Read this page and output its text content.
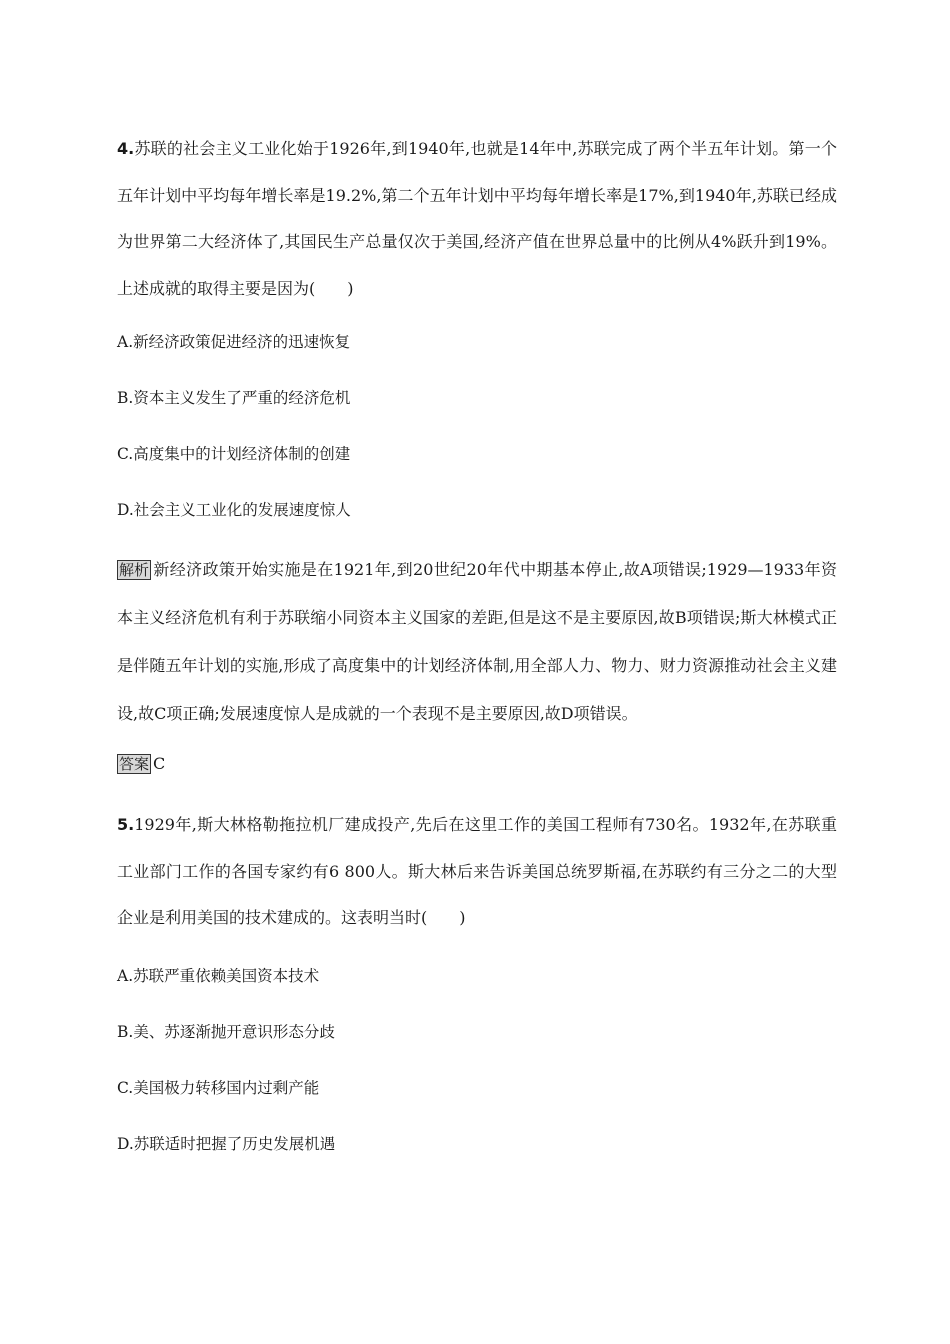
4.苏联的社会主义工业化始于1926年,到1940年,也就是14年中,苏联完成了两个半五年计划。第一个五年计划中平均每年增长率是19.2%,第二个五年计划中平均每年增长率是17%,到1940年,苏联已经成为世界第二大经济体了,其国民生产总量仅次于美国,经济产值在世界总量中的比例从4%跃升到19%。上述成就的取得主要是因为(　　)

A.新经济政策促进经济的迅速恢复
B.资本主义发生了严重的经济危机
C.高度集中的计划经济体制的创建
D.社会主义工业化的发展速度惊人

解析 新经济政策开始实施是在1921年,到20世纪20年代中期基本停止,故A项错误;1929—1933年资本主义经济危机有利于苏联缩小同资本主义国家的差距,但是这不是主要原因,故B项错误;斯大林模式正是伴随五年计划的实施,形成了高度集中的计划经济体制,用全部人力、物力、财力资源推动社会主义建设,故C项正确;发展速度惊人是成就的一个表现不是主要原因,故D项错误。

答案 C

5.1929年,斯大林格勒拖拉机厂建成投产,先后在这里工作的美国工程师有730名。1932年,在苏联重工业部门工作的各国专家约有6 800人。斯大林后来告诉美国总统罗斯福,在苏联约有三分之二的大型企业是利用美国的技术建成的。这表明当时(　　)

A.苏联严重依赖美国资本技术
B.美、苏逐渐抛开意识形态分歧
C.美国极力转移国内过剩产能
D.苏联适时把握了历史发展机遇
